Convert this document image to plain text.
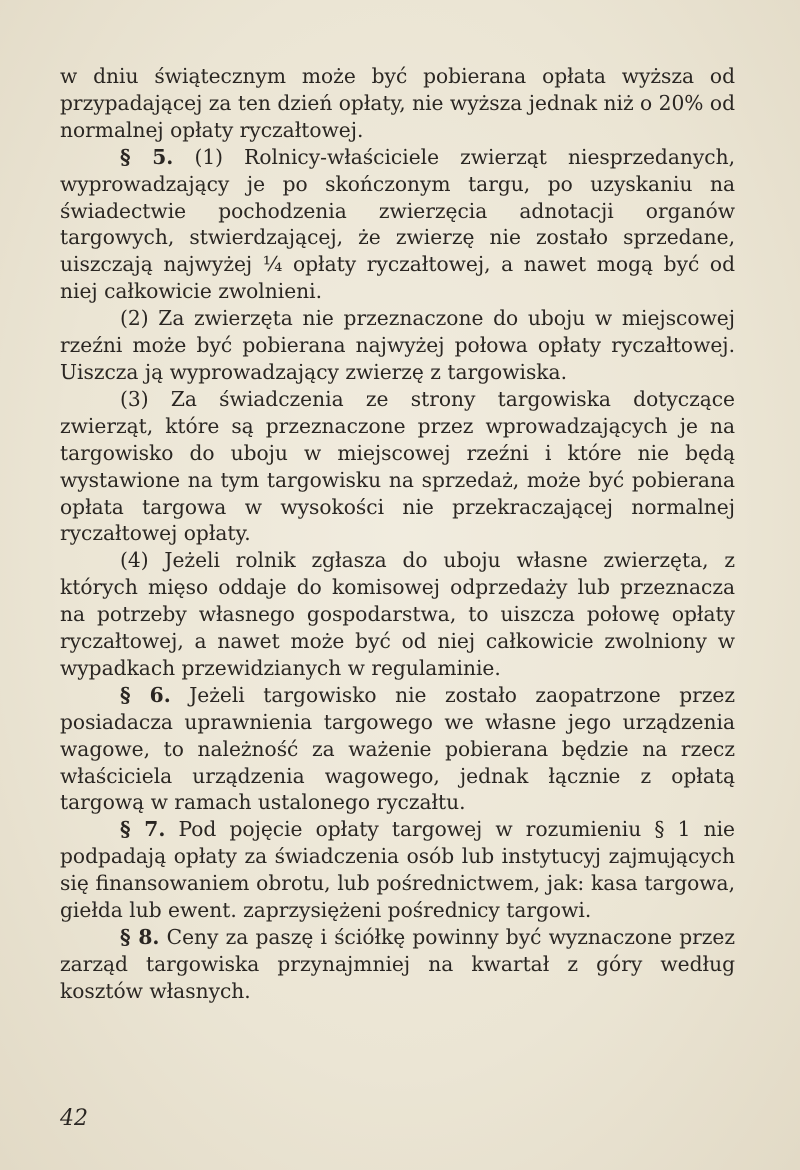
w dniu świątecznym może być pobierana opłata wyższa od przypadającej za ten dzień opłaty, nie wyższa jednak niż o 20% od normalnej opłaty ryczałtowej.

§ 5. (1) Rolnicy-właściciele zwierząt niesprzedanych, wyprowadzający je po skończonym targu, po uzyskaniu na świadectwie pochodzenia zwierzęcia adnotacji organów targowych, stwierdzającej, że zwierzę nie zostało sprzedane, uiszczają najwyżej ¼ opłaty ryczałtowej, a nawet mogą być od niej całkowicie zwolnieni.

(2) Za zwierzęta nie przeznaczone do uboju w miejscowej rzeźni może być pobierana najwyżej połowa opłaty ryczałtowej. Uiszcza ją wyprowadzający zwierzę z targowiska.

(3) Za świadczenia ze strony targowiska dotyczące zwierząt, które są przeznaczone przez wprowadzających je na targowisko do uboju w miejscowej rzeźni i które nie będą wystawione na tym targowisku na sprzedaż, może być pobierana opłata targowa w wysokości nie przekraczającej normalnej ryczałtowej opłaty.

(4) Jeżeli rolnik zgłasza do uboju własne zwierzęta, z których mięso oddaje do komisowej odprzedaży lub przeznacza na potrzeby własnego gospodarstwa, to uiszcza połowę opłaty ryczałtowej, a nawet może być od niej całkowicie zwolniony w wypadkach przewidzianych w regulaminie.

§ 6. Jeżeli targowisko nie zostało zaopatrzone przez posiadacza uprawnienia targowego we własne jego urządzenia wagowe, to należność za ważenie pobierana będzie na rzecz właściciela urządzenia wagowego, jednak łącznie z opłatą targową w ramach ustalonego ryczałtu.

§ 7. Pod pojęcie opłaty targowej w rozumieniu § 1 nie podpadają opłaty za świadczenia osób lub instytucyj zajmujących się finansowaniem obrotu, lub pośrednictwem, jak: kasa targowa, giełda lub ewent. zaprzysiężeni pośrednicy targowi.

§ 8. Ceny za paszę i ściółkę powinny być wyznaczone przez zarząd targowiska przynajmniej na kwartał z góry według kosztów własnych.

42
